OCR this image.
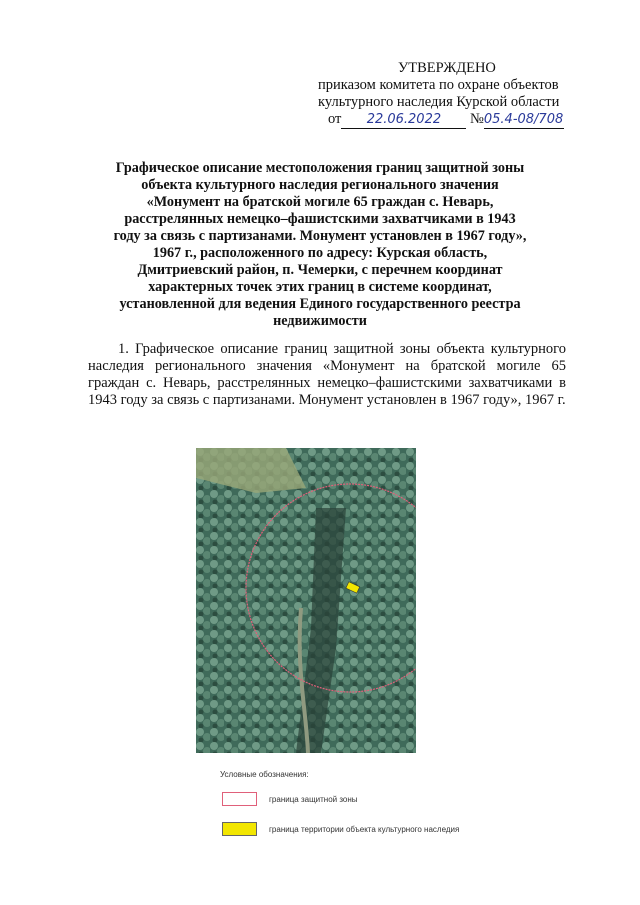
УТВЕРЖДЕНО
приказом комитета по охране объектов
культурного наследия Курской области
от 22.06.2022 №05.4-08/708
Графическое описание местоположения границ защитной зоны объекта культурного наследия регионального значения «Монумент на братской могиле 65 граждан с. Неварь, расстрелянных немецко–фашистскими захватчиками в 1943 году за связь с партизанами. Монумент установлен в 1967 году», 1967 г., расположенного по адресу: Курская область, Дмитриевский район, п. Чемерки, с перечнем координат характерных точек этих границ в системе координат, установленной для ведения Единого государственного реестра недвижимости
1. Графическое описание границ защитной зоны объекта культурного наследия регионального значения «Монумент на братской могиле 65 граждан с. Неварь, расстрелянных немецко–фашистскими захватчиками в 1943 году за связь с партизанами. Монумент установлен в 1967 году», 1967 г.
Условные обозначения:
граница защитной зоны
граница территории объекта культурного наследия
